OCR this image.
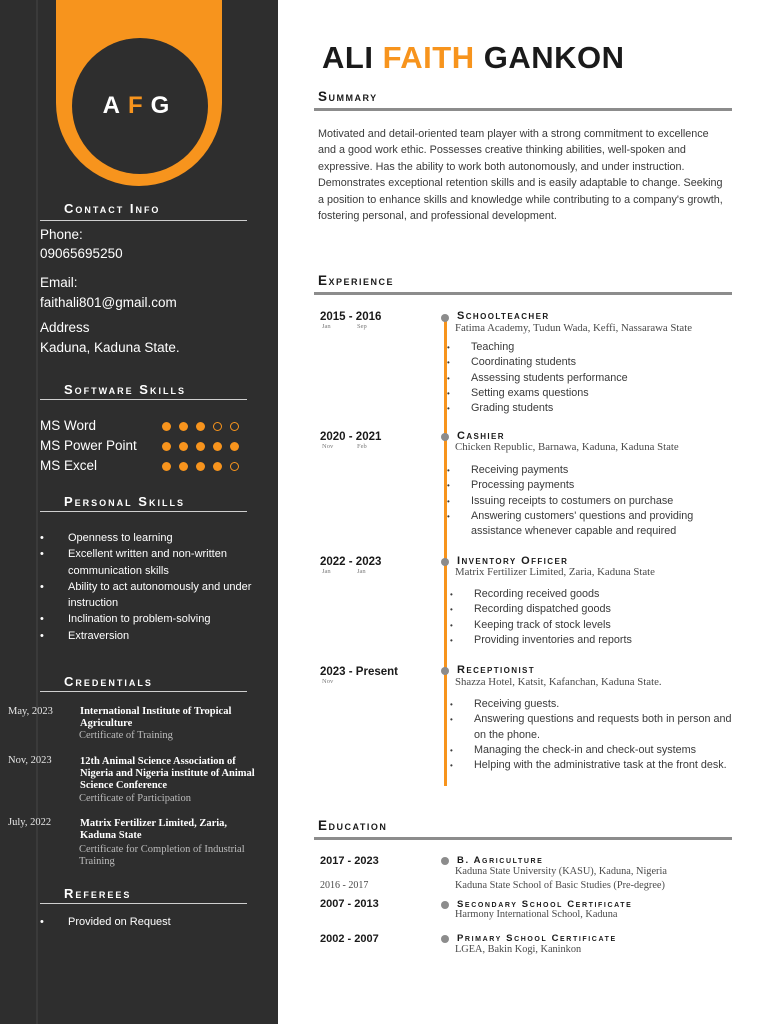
A F G
Contact Info
Phone:
09065695250
Email:
faithali801@gmail.com
Address
Kaduna, Kaduna State.
Software Skills
MS Word
MS Power Point
MS Excel
Personal Skills
• Openness to learning
• Excellent written and non-written communication skills
• Ability to act autonomously and under instruction
• Inclination to problem-solving
• Extraversion
Credentials
May, 2023	International Institute of Tropical Agriculture
Certificate of Training
Nov, 2023	12th Animal Science Association of Nigeria and Nigeria institute of Animal Science Conference
Certificate of Participation
July, 2022	Matrix Fertilizer Limited, Zaria, Kaduna State
Certificate for Completion of Industrial Training
Referees
• Provided on Request
ALI FAITH GANKON
Summary

Motivated and detail-oriented team player with a strong commitment to excellence and a good work ethic. Possesses creative thinking abilities, well-spoken and expressive. Has the ability to work both autonomously, and under instruction. Demonstrates exceptional retention skills and is easily adaptable to change. Seeking a position to enhance skills and knowledge while contributing to a company's growth, fostering personal, and professional development.

Experience
2015 - 2016
Jan	Sep
Schoolteacher
Fatima Academy, Tudun Wada, Keffi, Nassarawa State
• Teaching
• Coordinating students
• Assessing students performance
• Setting exams questions
• Grading students
2020 - 2021
Nov	Feb
Cashier
Chicken Republic, Barnawa, Kaduna, Kaduna State
• Receiving payments
• Processing payments
• Issuing receipts to costumers on purchase
• Answering customers' questions and providing assistance whenever capable and required
2022 - 2023
Jan	Jan
Inventory Officer
Matrix Fertilizer Limited, Zaria, Kaduna State
• Recording received goods
• Recording dispatched goods
• Keeping track of stock levels
• Providing inventories and reports
2023 - Present
Nov
Receptionist
Shazza Hotel, Katsit, Kafanchan, Kaduna State.
• Receiving guests.
• Answering questions and requests both in person and on the phone.
• Managing the check-in and check-out systems
• Helping with the administrative task at the front desk.
Education
2017 - 2023	B. Agriculture
Kaduna State University (KASU), Kaduna, Nigeria
2016 - 2017	Kaduna State School of Basic Studies (Pre-degree)
2007 - 2013	Secondary School Certificate
Harmony International School, Kaduna
2002 - 2007	Primary School Certificate
LGEA, Bakin Kogi, Kaninkon
